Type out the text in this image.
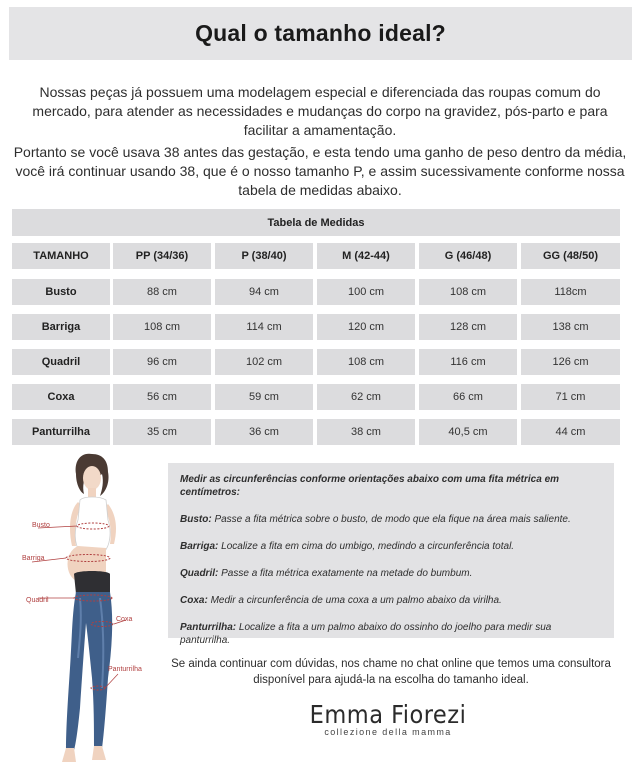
Qual o tamanho ideal?

Nossas peças já possuem uma modelagem especial e diferenciada das roupas comum do mercado, para atender as necessidades e mudanças do corpo na gravidez, pós-parto e para facilitar a amamentação.

Portanto se você usava 38 antes das gestação, e esta tendo uma ganho de peso dentro da média, você irá continuar usando 38, que é o nosso tamanho P, e assim sucessivamente conforme nossa tabela de medidas abaixo.

Tabela de Medidas
TAMANHO	PP (34/36)	P (38/40)	M (42-44)	G (46/48)	GG (48/50)
Busto	88 cm	94 cm	100 cm	108 cm	118cm
Barriga	108 cm	114 cm	120 cm	128 cm	138 cm
Quadril	96 cm	102 cm	108 cm	116 cm	126 cm
Coxa	56 cm	59 cm	62 cm	66 cm	71 cm
Panturrilha	35 cm	36 cm	38 cm	40,5 cm	44 cm
Busto
Barriga
Quadril
Coxa
Panturrilha

Medir as circunferências conforme orientações abaixo com uma fita métrica em centímetros:

Busto: Passe a fita métrica sobre o busto, de modo que ela fique na área mais saliente.

Barriga: Localize a fita em cima do umbigo, medindo a circunferência total.

Quadril: Passe a fita métrica exatamente na metade do bumbum.

Coxa: Medir a circunferência de uma coxa a um palmo abaixo da virilha.

Panturrilha: Localize a fita a um palmo abaixo do ossinho do joelho para medir sua panturrilha.

Se ainda continuar com dúvidas, nos chame no chat online que temos uma consultora disponível para ajudá-la na escolha do tamanho ideal.

Emma Fiorezi
collezione della mamma
